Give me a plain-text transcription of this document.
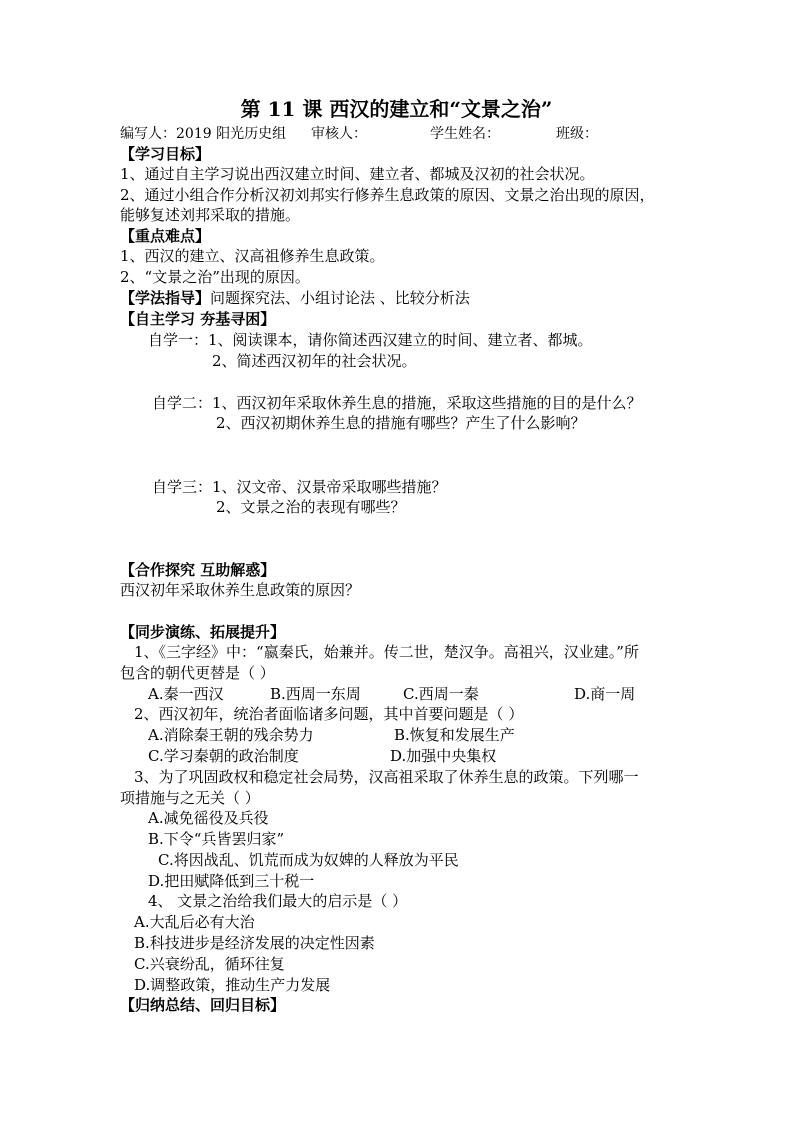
第 11 课 西汉的建立和“文景之治”
编写人：2019 阳光历史组 审核人：	学生姓名：	班级：
【学习目标】
1、通过自主学习说出西汉建立时间、建立者、都城及汉初的社会状况。
2、通过小组合作分析汉初刘邦实行修养生息政策的原因、文景之治出现的原因，
能够复述刘邦采取的措施。
【重点难点】
1、西汉的建立、汉高祖修养生息政策。
2、“文景之治”出现的原因。
【学法指导】问题探究法、小组讨论法 、比较分析法
【自主学习 夯基寻困】
自学一：1、阅读课本，请你简述西汉建立的时间、建立者、都城。
2、简述西汉初年的社会状况。
自学二：1、西汉初年采取休养生息的措施，采取这些措施的目的是什么？
2、西汉初期休养生息的措施有哪些？产生了什么影响？
自学三：1、汉文帝、汉景帝采取哪些措施？
2、文景之治的表现有哪些？
【合作探究 互助解惑】
西汉初年采取休养生息政策的原因？
【同步演练、拓展提升】
1、《三字经》中：“嬴秦氏，始兼并。传二世，楚汉争。高祖兴，汉业建。”所
包含的朝代更替是（ ）
A.秦一西汉	B.西周一东周	C.西周一秦	D.商一周
2、西汉初年，统治者面临诸多问题，其中首要问题是（ ）
A.消除秦王朝的残余势力	B.恢复和发展生产
C.学习秦朝的政治制度	D.加强中央集权
3、为了巩固政权和稳定社会局势，汉高祖采取了休养生息的政策。下列哪一
项措施与之无关（ ）
A.减免徭役及兵役
B.下令“兵皆罢归家”
C.将因战乱、饥荒而成为奴婢的人释放为平民
D.把田赋降低到三十税一
4、 文景之治给我们最大的启示是（ ）
A.大乱后必有大治
B.科技进步是经济发展的决定性因素
C.兴衰纷乱，循环往复
D.调整政策，推动生产力发展
【归纳总结、回归目标】
